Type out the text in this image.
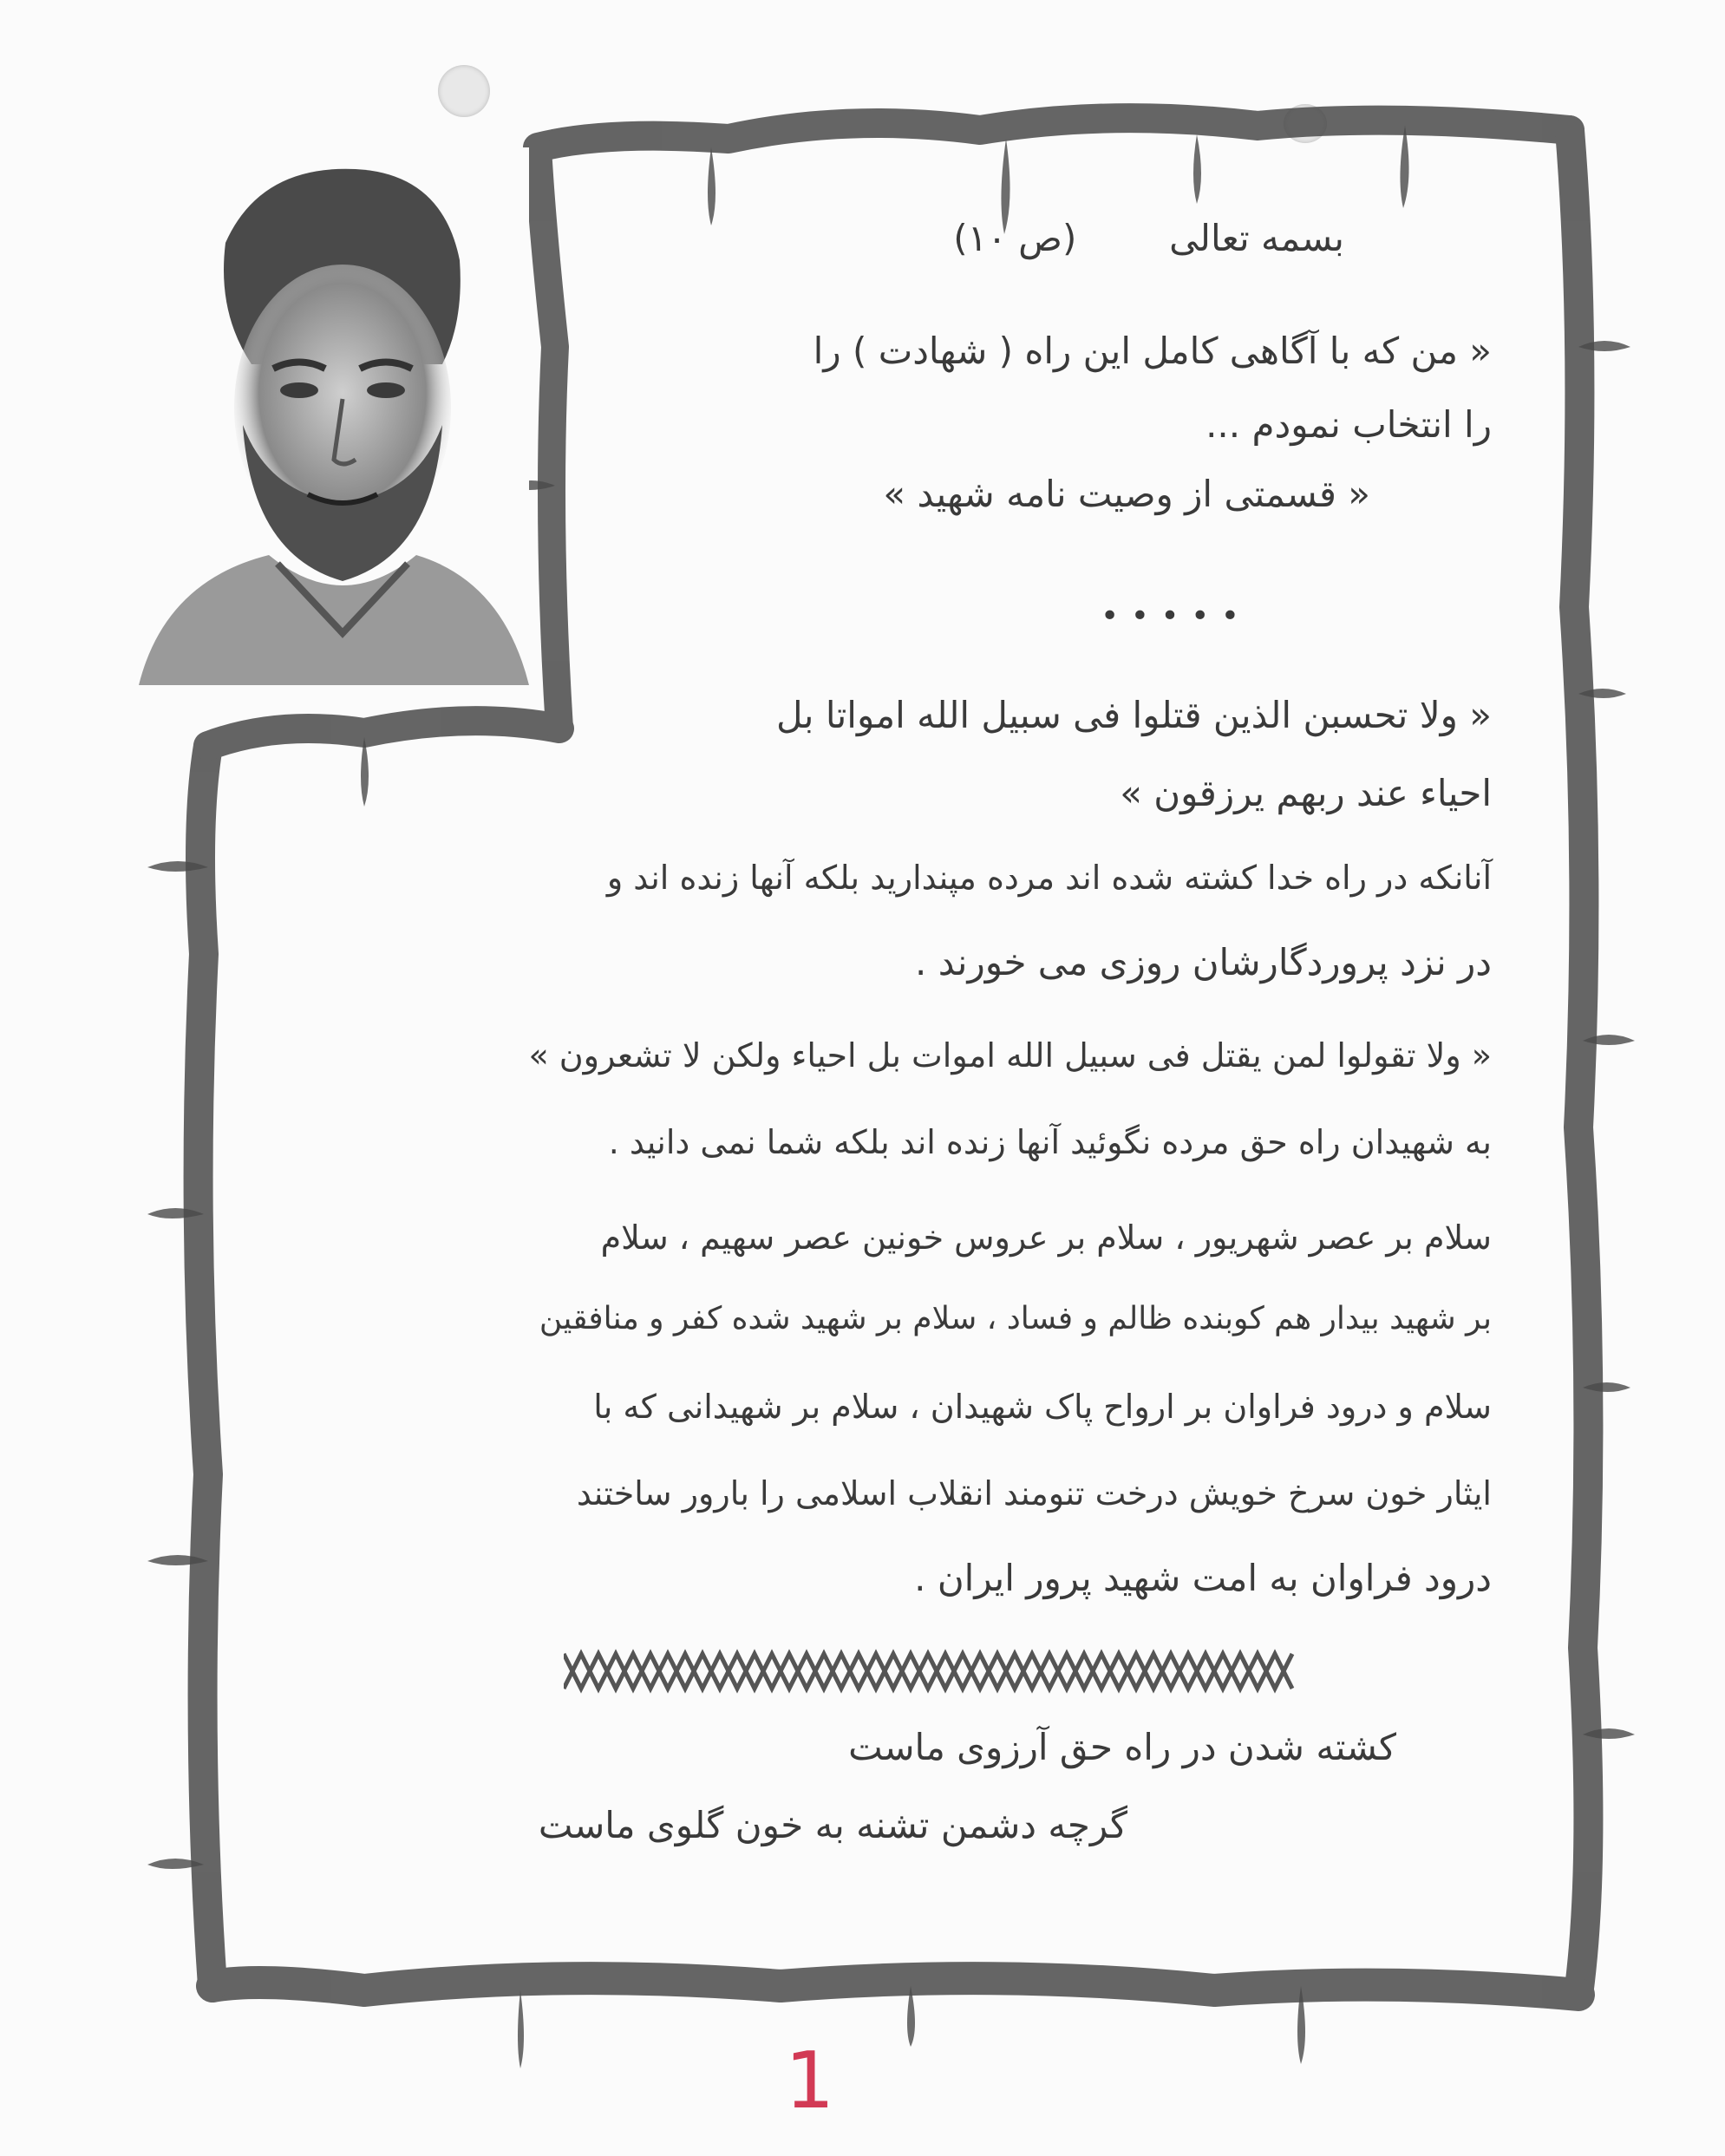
بسمه تعالی        (ص ١٠)
« من که با آگاهی کامل این راه ( شهادت ) را
را انتخاب نمودم ...
« قسمتی از وصیت نامه شهید »
• • • • •
« ولا تحسبن الذین قتلوا فی سبیل الله امواتا بل
احیاء عند ربهم یرزقون »
آنانکه در راه خدا کشته شده اند مرده مپندارید بلکه آنها زنده اند و
در نزد پروردگارشان روزی می خورند .
« ولا تقولوا لمن یقتل فی سبیل الله اموات بل احیاء ولکن لا تشعرون »
به شهیدان راه حق مرده نگوئید آنها زنده اند بلکه شما نمی دانید .
سلام بر عصر شهریور ، سلام بر عروس خونین عصر سهیم ، سلام
بر شهید بیدار هم کوبنده ظالم و فساد ، سلام بر شهید شده کفر و منافقین
سلام و درود فراوان بر ارواح پاک شهیدان ، سلام بر شهیدانی که با
ایثار خون سرخ خویش درخت تنومند انقلاب اسلامی را بارور ساختند
درود فراوان به امت شهید پرور ایران .
کشته شدن در راه حق آرزوی ماست
گرچه دشمن تشنه به خون گلوی ماست
1
